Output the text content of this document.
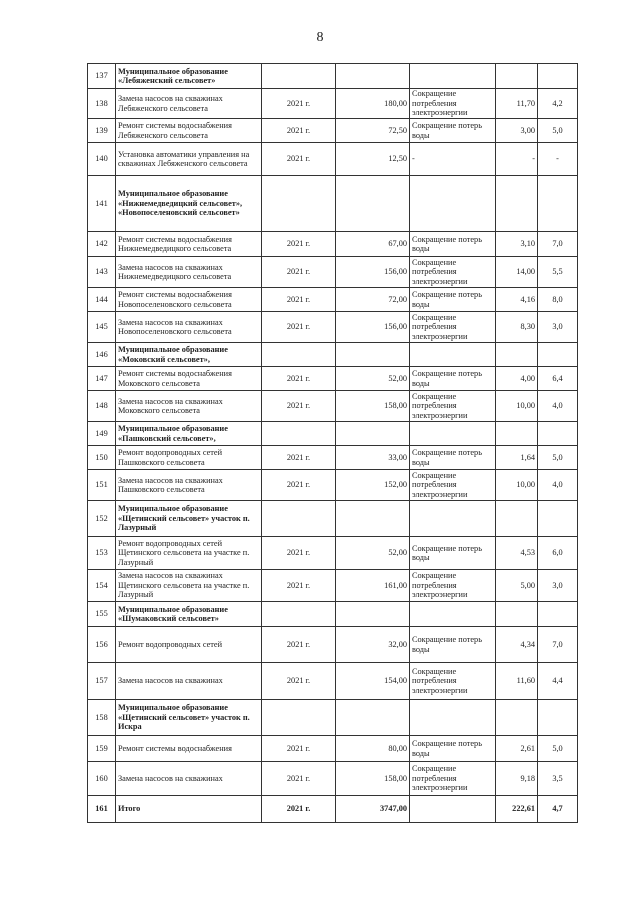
8
137	Муниципальное образование «Лебяженский сельсовет»					
138	Замена насосов на скважинах Лебяженского сельсовета	2021 г.	180,00	Сокращение потребления электроэнергии	11,70	4,2
139	Ремонт системы водоснабжения Лебяженского сельсовета	2021 г.	72,50	Сокращение потерь воды	3,00	5,0
140	Установка автоматики управления на скважинах Лебяженского сельсовета	2021 г.	12,50	-	-	-
141	Муниципальное образование «Нижнемедведицкий сельсовет», «Новопоселеновский сельсовет»					
142	Ремонт системы водоснабжения Нижнемедведицкого сельсовета	2021 г.	67,00	Сокращение потерь воды	3,10	7,0
143	Замена насосов на скважинах Нижнемедведицкого сельсовета	2021 г.	156,00	Сокращение потребления электроэнергии	14,00	5,5
144	Ремонт системы водоснабжения Новопоселеновского сельсовета	2021 г.	72,00	Сокращение потерь воды	4,16	8,0
145	Замена насосов на скважинах Новопоселеновского сельсовета	2021 г.	156,00	Сокращение потребления электроэнергии	8,30	3,0
146	Муниципальное образование «Моковский сельсовет»,					
147	Ремонт системы водоснабжения Моковского сельсовета	2021 г.	52,00	Сокращение потерь воды	4,00	6,4
148	Замена насосов на скважинах Моковского сельсовета	2021 г.	158,00	Сокращение потребления электроэнергии	10,00	4,0
149	Муниципальное образование «Пашковский сельсовет»,					
150	Ремонт водопроводных сетей Пашковского сельсовета	2021 г.	33,00	Сокращение потерь воды	1,64	5,0
151	Замена насосов на скважинах Пашковского сельсовета	2021 г.	152,00	Сокращение потребления электроэнергии	10,00	4,0
152	Муниципальное образование «Щетинский сельсовет» участок п. Лазурный					
153	Ремонт водопроводных сетей Щетинского сельсовета на участке п. Лазурный	2021 г.	52,00	Сокращение потерь воды	4,53	6,0
154	Замена насосов на скважинах Щетинского сельсовета на участке п. Лазурный	2021 г.	161,00	Сокращение потребления электроэнергии	5,00	3,0
155	Муниципальное образование «Шумаковский сельсовет»					
156	Ремонт водопроводных сетей	2021 г.	32,00	Сокращение потерь воды	4,34	7,0
157	Замена насосов на скважинах	2021 г.	154,00	Сокращение потребления электроэнергии	11,60	4,4
158	Муниципальное образование «Щетинский сельсовет» участок п. Искра					
159	Ремонт системы водоснабжения	2021 г.	80,00	Сокращение потерь воды	2,61	5,0
160	Замена насосов на скважинах	2021 г.	158,00	Сокращение потребления электроэнергии	9,18	3,5
161	Итого	2021 г.	3747,00		222,61	4,7
